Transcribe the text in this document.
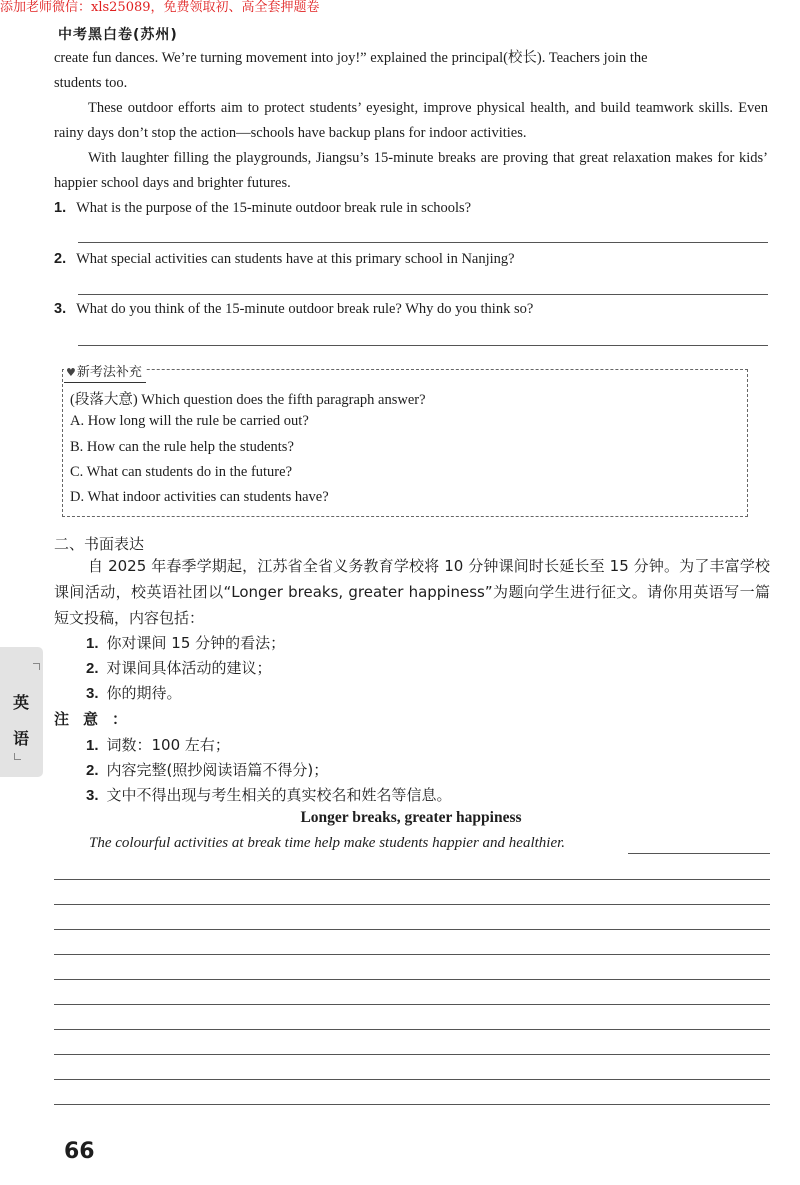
添加老师微信：xls25089，免费领取初、高全套押题卷
中考黑白卷(苏州)
create fun dances. We’re turning movement into joy!” explained the principal(校长). Teachers join the
students too.
These outdoor efforts aim to protect students’ eyesight, improve physical health, and build teamwork skills. Even rainy days don’t stop the action—schools have backup plans for indoor activities.
With laughter filling the playgrounds, Jiangsu’s 15-minute breaks are proving that great relaxation makes for kids’ happier school days and brighter futures.
1. What is the purpose of the 15-minute outdoor break rule in schools?
2. What special activities can students have at this primary school in Nanjing?
3. What do you think of the 15-minute outdoor break rule? Why do you think so?
♥新考法补充
(段落大意) Which question does the fifth paragraph answer?
A. How long will the rule be carried out?
B. How can the rule help the students?
C. What can students do in the future?
D. What indoor activities can students have?
二、书面表达
自 2025 年春季学期起，江苏省全省义务教育学校将 10 分钟课间时长延长至 15 分钟。为了丰富学校课间活动，校英语社团以“Longer breaks, greater happiness”为题向学生进行征文。请你用英语写一篇短文投稿，内容包括：
1. 你对课间 15 分钟的看法；
2. 对课间具体活动的建议；
3. 你的期待。
注意：
1. 词数：100 左右；
2. 内容完整(照抄阅读语篇不得分)；
3. 文中不得出现与考生相关的真实校名和姓名等信息。
Longer breaks, greater happiness
The colourful activities at break time help make students happier and healthier.
英
语
66
